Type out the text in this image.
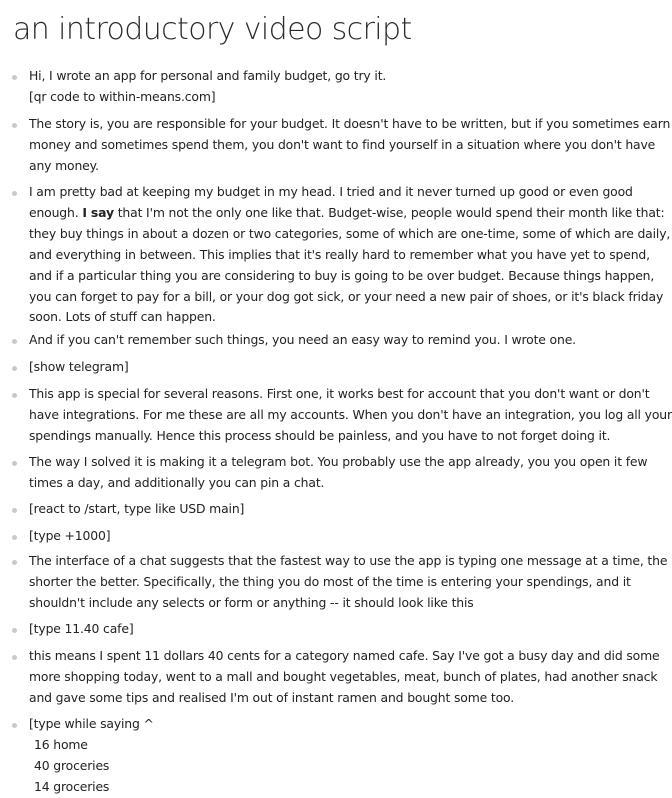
an introductory video script
Hi, I wrote an app for personal and family budget, go try it.
[qr code to within-means.com]
The story is, you are responsible for your budget. It doesn't have to be written, but if you sometimes earn
money and sometimes spend them, you don't want to find yourself in a situation where you don't have
any money.
I am pretty bad at keeping my budget in my head. I tried and it never turned up good or even good
enough. I say that I'm not the only one like that. Budget-wise, people would spend their month like that:
they buy things in about a dozen or two categories, some of which are one-time, some of which are daily,
and everything in between. This implies that it's really hard to remember what you have yet to spend,
and if a particular thing you are considering to buy is going to be over budget. Because things happen,
you can forget to pay for a bill, or your dog got sick, or your need a new pair of shoes, or it's black friday
soon. Lots of stuff can happen.
And if you can't remember such things, you need an easy way to remind you. I wrote one.
[show telegram]
This app is special for several reasons. First one, it works best for account that you don't want or don't
have integrations. For me these are all my accounts. When you don't have an integration, you log all your
spendings manually. Hence this process should be painless, and you have to not forget doing it.
The way I solved it is making it a telegram bot. You probably use the app already, you you open it few
times a day, and additionally you can pin a chat.
[react to /start, type like USD main]
[type +1000]
The interface of a chat suggests that the fastest way to use the app is typing one message at a time, the
shorter the better. Specifically, the thing you do most of the time is entering your spendings, and it
shouldn't include any selects or form or anything -- it should look like this
[type 11.40 cafe]
this means I spent 11 dollars 40 cents for a category named cafe. Say I've got a busy day and did some
more shopping today, went to a mall and bought vegetables, meat, bunch of plates, had another snack
and gave some tips and realised I'm out of instant ramen and bought some too.
[type while saying ^
16 home
40 groceries
14 groceries
